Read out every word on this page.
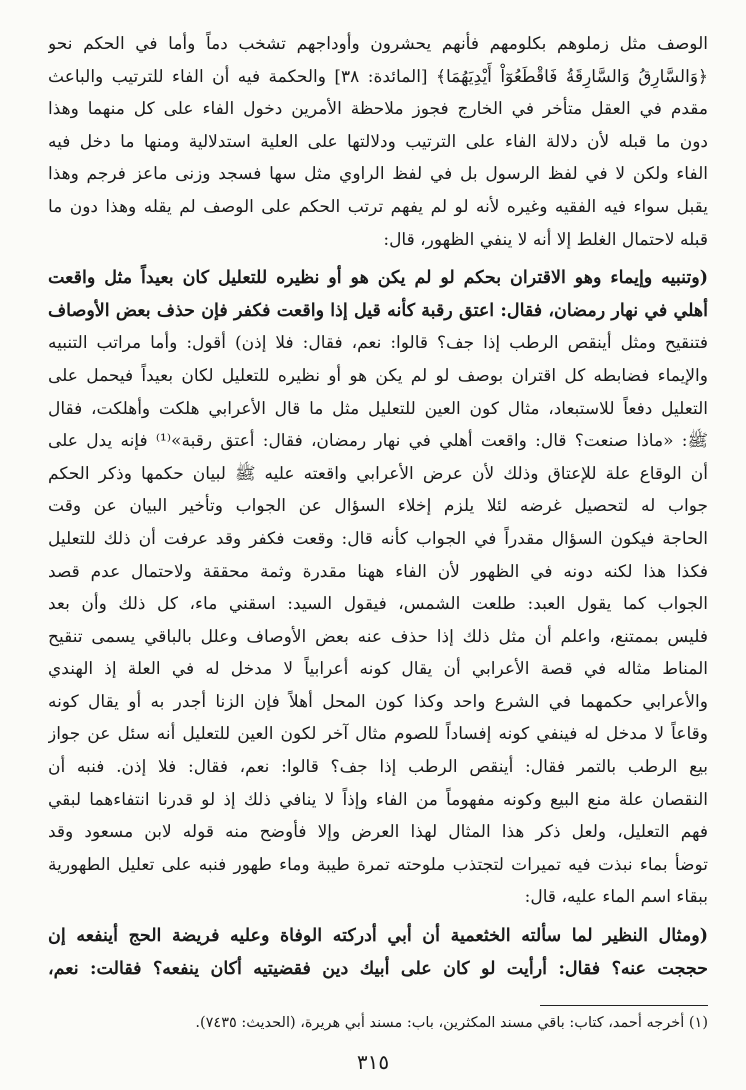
الوصف مثل زملوهم بكلومهم فأنهم يحشرون وأوداجهم تشخب دماً وأما في الحكم نحو
﴿وَالسَّارِقُ وَالسَّارِقَةُ فَاقْطَعُوٓاْ أَيْدِيَهُمَا﴾ [المائدة: ٣٨] والحكمة فيه أن الفاء للترتيب والباعث
مقدم في العقل متأخر في الخارج فجوز ملاحظة الأمرين دخول الفاء على كل منهما وهذا
دون ما قبله لأن دلالة الفاء على الترتيب ودلالتها على العلية استدلالية ومنها ما دخل فيه
الفاء ولكن لا في لفظ الرسول بل في لفظ الراوي مثل سها فسجد وزنى ماعز فرجم وهذا
يقبل سواء فيه الفقيه وغيره لأنه لو لم يفهم ترتب الحكم على الوصف لم يقله وهذا دون ما
قبله لاحتمال الغلط إلا أنه لا ينفي الظهور، قال:

(وتنبيه وإيماء وهو الاقتران بحكم لو لم يكن هو أو نظيره للتعليل كان بعيداً مثل واقعت
أهلي في نهار رمضان، فقال: اعتق رقبة كأنه قيل إذا واقعت فكفر فإن حذف بعض الأوصاف

فتنقيح ومثل أينقص الرطب إذا جف؟ قالوا: نعم، فقال: فلا إذن) أقول: وأما مراتب التنبيه
والإيماء فضابطه كل اقتران بوصف لو لم يكن هو أو نظيره للتعليل لكان بعيداً فيحمل على
التعليل دفعاً للاستبعاد، مثال كون العين للتعليل مثل ما قال الأعرابي هلكت وأهلكت، فقال
ﷺ: «ماذا صنعت؟ قال: واقعت أهلي في نهار رمضان، فقال: أعتق رقبة»⁽¹⁾ فإنه يدل على
أن الوقاع علة للإعتاق وذلك لأن عرض الأعرابي واقعته عليه ﷺ لبيان حكمها وذكر الحكم
جواب له لتحصيل غرضه لئلا يلزم إخلاء السؤال عن الجواب وتأخير البيان عن وقت
الحاجة فيكون السؤال مقدراً في الجواب كأنه قال: وقعت فكفر وقد عرفت أن ذلك للتعليل
فكذا هذا لكنه دونه في الظهور لأن الفاء ههنا مقدرة وثمة محققة ولاحتمال عدم قصد
الجواب كما يقول العبد: طلعت الشمس، فيقول السيد: اسقني ماء، كل ذلك وأن بعد
فليس بممتنع، واعلم أن مثل ذلك إذا حذف عنه بعض الأوصاف وعلل بالباقي يسمى تنقيح
المناط مثاله في قصة الأعرابي أن يقال كونه أعرابياً لا مدخل له في العلة إذ الهندي
والأعرابي حكمهما في الشرع واحد وكذا كون المحل أهلاً فإن الزنا أجدر به أو يقال كونه
وقاعاً لا مدخل له فينفي كونه إفساداً للصوم مثال آخر لكون العين للتعليل أنه سئل عن جواز
بيع الرطب بالتمر فقال: أينقص الرطب إذا جف؟ قالوا: نعم، فقال: فلا إذن. فنبه أن
النقصان علة منع البيع وكونه مفهوماً من الفاء وإذاً لا ينافي ذلك إذ لو قدرنا انتفاءهما لبقي
فهم التعليل، ولعل ذكر هذا المثال لهذا العرض وإلا فأوضح منه قوله لابن مسعود وقد
توضأ بماء نبذت فيه تميرات لتجتذب ملوحته تمرة طيبة وماء طهور فنبه على تعليل الطهورية
ببقاء اسم الماء عليه، قال:

(ومثال النظير لما سألته الخثعمية أن أبي أدركته الوفاة وعليه فريضة الحج أينفعه إن
حججت عنه؟ فقال: أرأيت لو كان على أبيك دين فقضيتيه أكان ينفعه؟ فقالت: نعم،

(١) أخرجه أحمد، كتاب: باقي مسند المكثرين، باب: مسند أبي هريرة، (الحديث: ٧٤٣٥).
٣١٥
